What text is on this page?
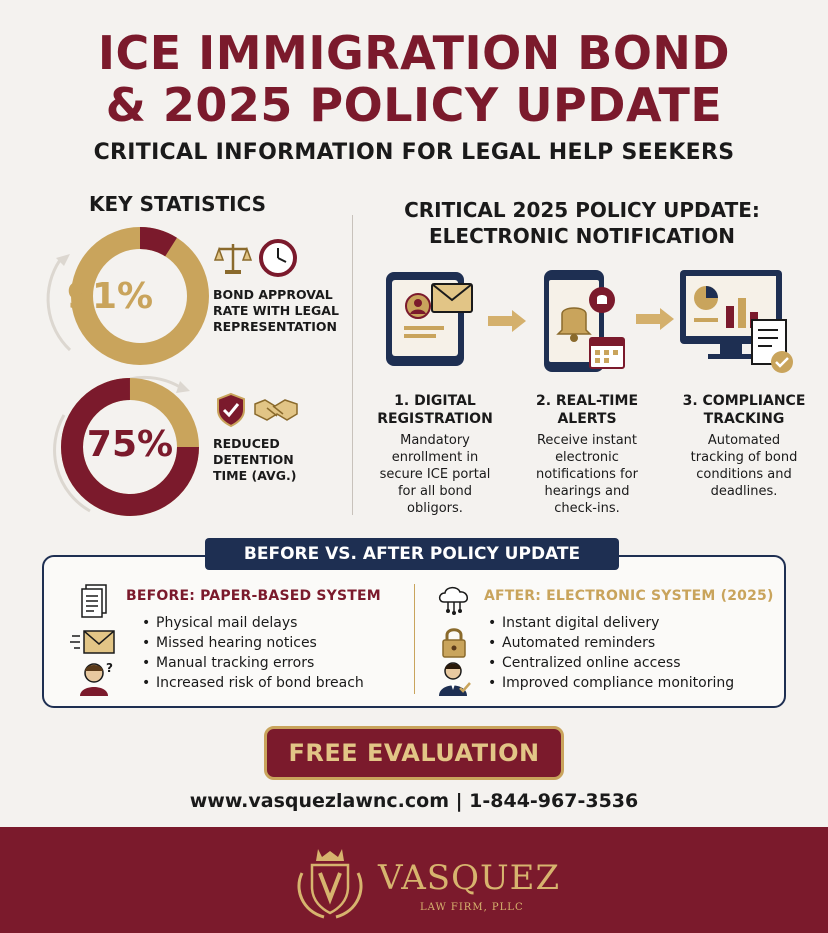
ICE IMMIGRATION BOND
& 2025 POLICY UPDATE
CRITICAL INFORMATION FOR LEGAL HELP SEEKERS
KEY STATISTICS
91%	BOND APPROVAL
RATE WITH LEGAL
REPRESENTATION
75%	REDUCED
DETENTION
TIME (AVG.)
CRITICAL 2025 POLICY UPDATE:
ELECTRONIC NOTIFICATION
1. DIGITAL
REGISTRATION
Mandatory
enrollment in
secure ICE portal
for all bond
obligors.
2. REAL-TIME
ALERTS
Receive instant
electronic
notifications for
hearings and
check-ins.
3. COMPLIANCE
TRACKING
Automated
tracking of bond
conditions and
deadlines.
BEFORE VS. AFTER POLICY UPDATE
?
BEFORE: PAPER-BASED SYSTEM
• Physical mail delays
• Missed hearing notices
• Manual tracking errors
• Increased risk of bond breach
AFTER: ELECTRONIC SYSTEM (2025)
• Instant digital delivery
• Automated reminders
• Centralized online access
• Improved compliance monitoring
FREE EVALUATION
www.vasquezlawnc.com | 1-844-967-3536
VASQUEZ
LAW FIRM, PLLC
